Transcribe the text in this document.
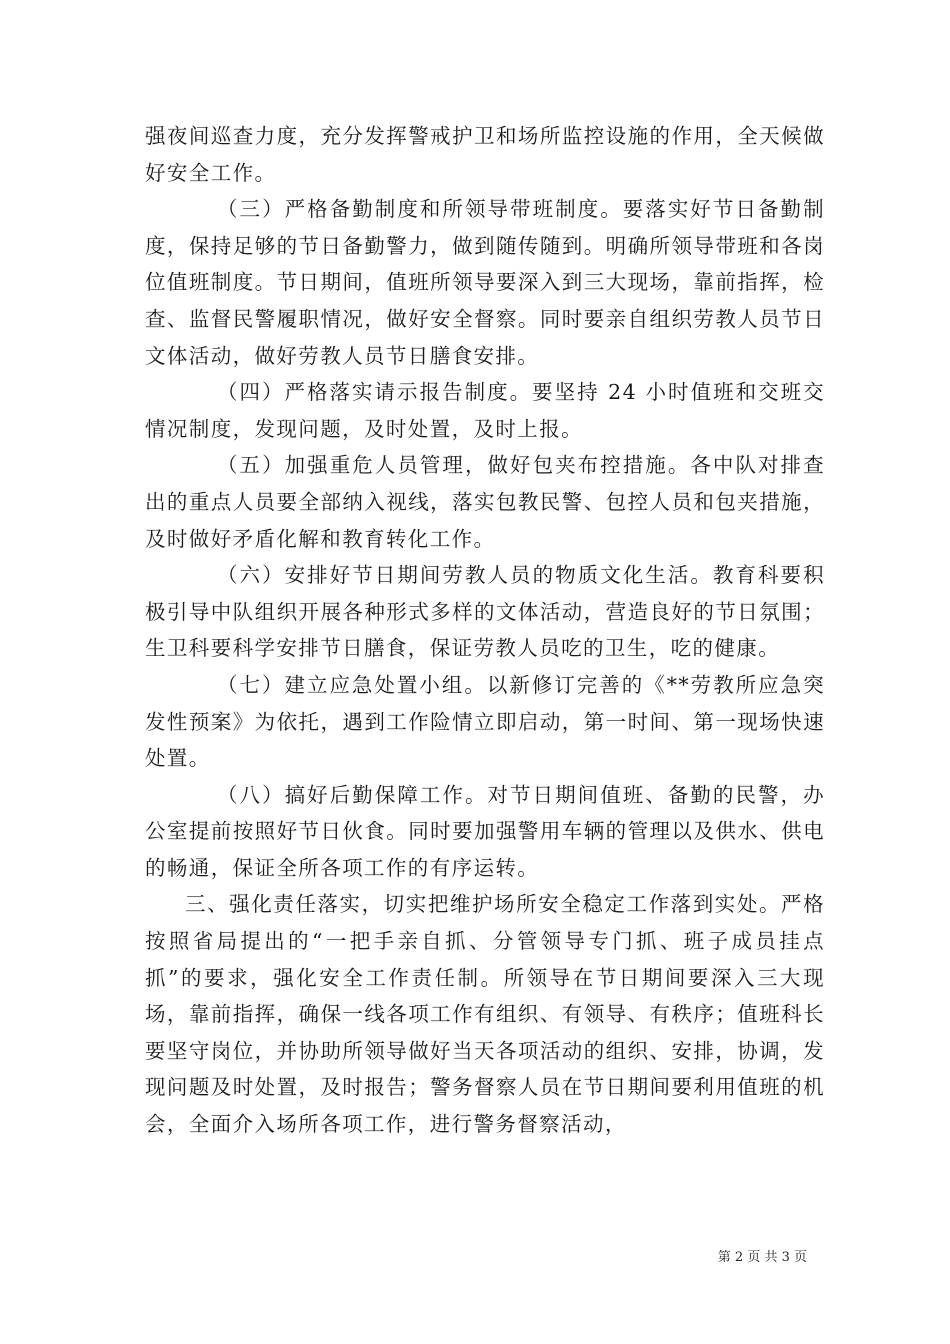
强夜间巡查力度，充分发挥警戒护卫和场所监控设施的作用，全天候做好安全工作。

（三）严格备勤制度和所领导带班制度。要落实好节日备勤制度，保持足够的节日备勤警力，做到随传随到。明确所领导带班和各岗位值班制度。节日期间，值班所领导要深入到三大现场，靠前指挥，检查、监督民警履职情况，做好安全督察。同时要亲自组织劳教人员节日文体活动，做好劳教人员节日膳食安排。

（四）严格落实请示报告制度。要坚持 24 小时值班和交班交情况制度，发现问题，及时处置，及时上报。

（五）加强重危人员管理，做好包夹布控措施。各中队对排查出的重点人员要全部纳入视线，落实包教民警、包控人员和包夹措施，及时做好矛盾化解和教育转化工作。

（六）安排好节日期间劳教人员的物质文化生活。教育科要积极引导中队组织开展各种形式多样的文体活动，营造良好的节日氛围；生卫科要科学安排节日膳食，保证劳教人员吃的卫生，吃的健康。

（七）建立应急处置小组。以新修订完善的《**劳教所应急突发性预案》为依托，遇到工作险情立即启动，第一时间、第一现场快速处置。

（八）搞好后勤保障工作。对节日期间值班、备勤的民警，办公室提前按照好节日伙食。同时要加强警用车辆的管理以及供水、供电的畅通，保证全所各项工作的有序运转。

三、强化责任落实，切实把维护场所安全稳定工作落到实处。严格按照省局提出的“一把手亲自抓、分管领导专门抓、班子成员挂点抓”的要求，强化安全工作责任制。所领导在节日期间要深入三大现场，靠前指挥，确保一线各项工作有组织、有领导、有秩序；值班科长要坚守岗位，并协助所领导做好当天各项活动的组织、安排，协调，发现问题及时处置，及时报告；警务督察人员在节日期间要利用值班的机会，全面介入场所各项工作，进行警务督察活动，

第 2 页 共 3 页
